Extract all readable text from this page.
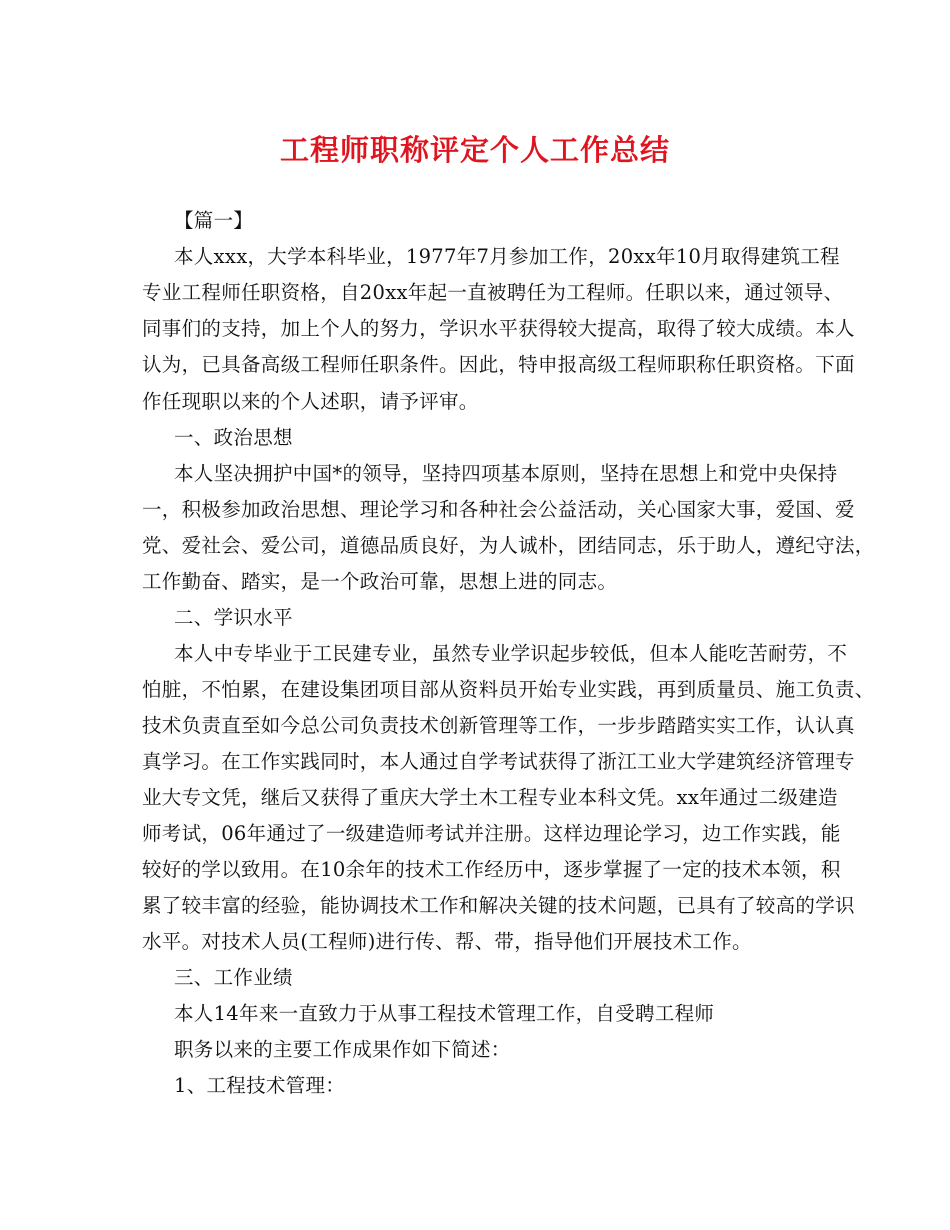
工程师职称评定个人工作总结
【篇一】
本人xxx，大学本科毕业，1977年7月参加工作，20xx年10月取得建筑工程
专业工程师任职资格，自20xx年起一直被聘任为工程师。任职以来，通过领导、
同事们的支持，加上个人的努力，学识水平获得较大提高，取得了较大成绩。本人
认为，已具备高级工程师任职条件。因此，特申报高级工程师职称任职资格。下面
作任现职以来的个人述职，请予评审。
一、政治思想
本人坚决拥护中国*的领导，坚持四项基本原则，坚持在思想上和党中央保持
一，积极参加政治思想、理论学习和各种社会公益活动，关心国家大事，爱国、爱
党、爱社会、爱公司，道德品质良好，为人诚朴，团结同志，乐于助人，遵纪守法，
工作勤奋、踏实，是一个政治可靠，思想上进的同志。
二、学识水平
本人中专毕业于工民建专业，虽然专业学识起步较低，但本人能吃苦耐劳，不
怕脏，不怕累，在建设集团项目部从资料员开始专业实践，再到质量员、施工负责、
技术负责直至如今总公司负责技术创新管理等工作，一步步踏踏实实工作，认认真
真学习。在工作实践同时，本人通过自学考试获得了浙江工业大学建筑经济管理专
业大专文凭，继后又获得了重庆大学土木工程专业本科文凭。xx年通过二级建造
师考试，06年通过了一级建造师考试并注册。这样边理论学习，边工作实践，能
较好的学以致用。在10余年的技术工作经历中，逐步掌握了一定的技术本领，积
累了较丰富的经验，能协调技术工作和解决关键的技术问题，已具有了较高的学识
水平。对技术人员(工程师)进行传、帮、带，指导他们开展技术工作。
三、工作业绩
本人14年来一直致力于从事工程技术管理工作，自受聘工程师
职务以来的主要工作成果作如下简述：
1、工程技术管理：
